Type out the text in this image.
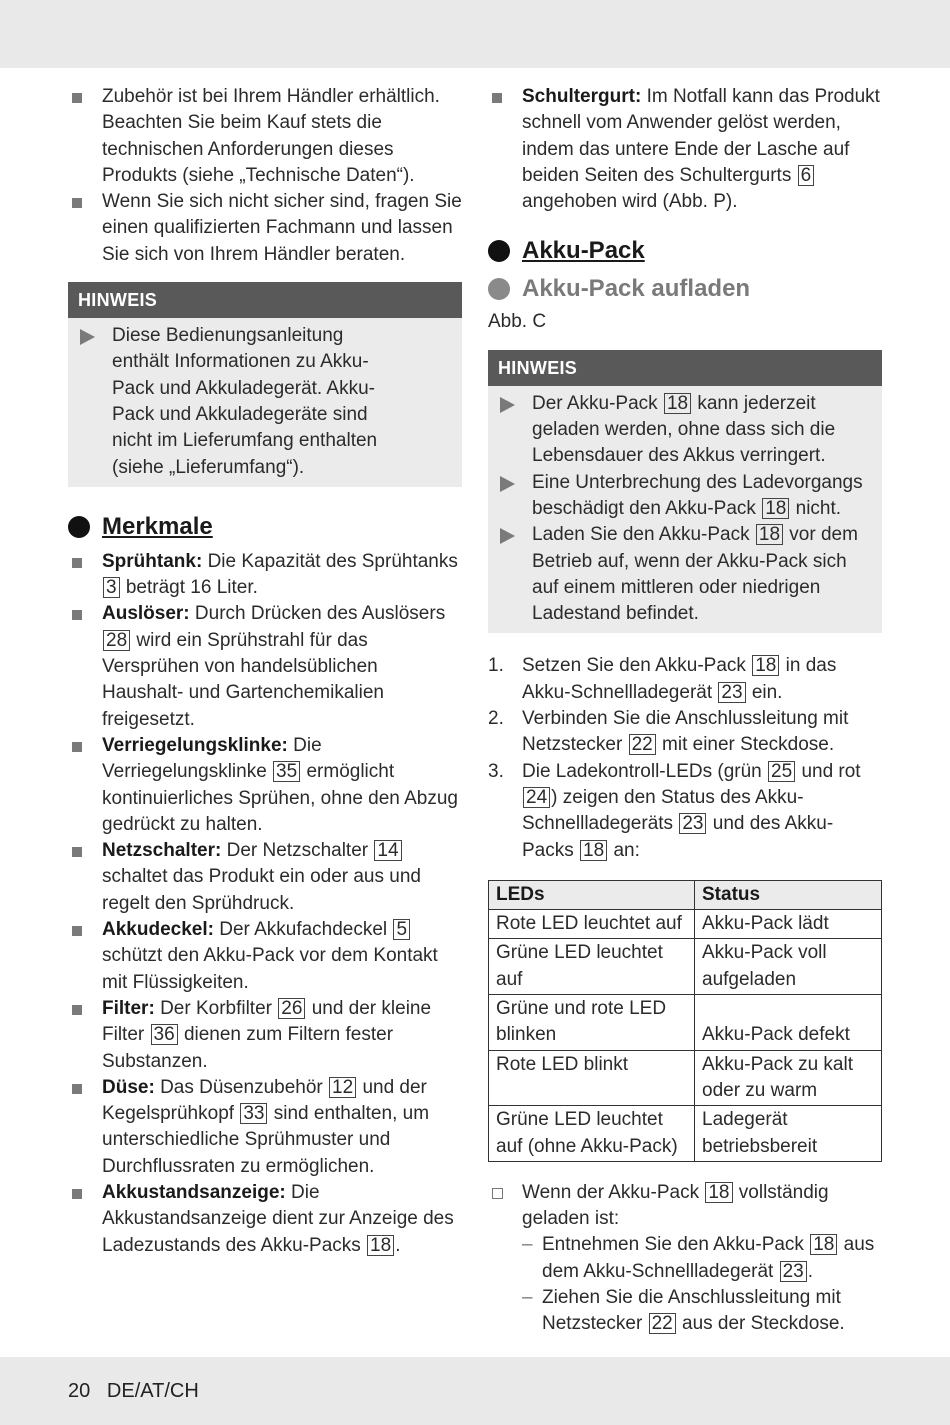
Zubehör ist bei Ihrem Händler erhältlich. Beachten Sie beim Kauf stets die technischen Anforderungen dieses Produkts (siehe „Technische Daten“).

Wenn Sie sich nicht sicher sind, fragen Sie einen qualifizierten Fachmann und lassen Sie sich von Ihrem Händler beraten.

HINWEIS
Diese Bedienungsanleitung enthält Informationen zu Akku-Pack und Akkuladegerät. Akku-Pack und Akkuladegeräte sind nicht im Lieferumfang enthalten (siehe „Lieferumfang“).
Merkmale

Sprühtank: Die Kapazität des Sprühtanks 3 beträgt 16 Liter.

Auslöser: Durch Drücken des Auslösers 28 wird ein Sprühstrahl für das Versprühen von handelsüblichen Haushalt- und Gartenchemikalien freigesetzt.

Verriegelungsklinke: Die Verriegelungsklinke 35 ermöglicht kontinuierliches Sprühen, ohne den Abzug gedrückt zu halten.

Netzschalter: Der Netzschalter 14 schaltet das Produkt ein oder aus und regelt den Sprühdruck.

Akkudeckel: Der Akkufachdeckel 5 schützt den Akku-Pack vor dem Kontakt mit Flüssigkeiten.

Filter: Der Korbfilter 26 und der kleine Filter 36 dienen zum Filtern fester Substanzen.

Düse: Das Düsenzubehör 12 und der Kegelsprühkopf 33 sind enthalten, um unterschiedliche Sprühmuster und Durchflussraten zu ermöglichen.

Akkustandsanzeige: Die Akkustandsanzeige dient zur Anzeige des Ladezustands des Akku-Packs 18 .

Schultergurt: Im Notfall kann das Produkt schnell vom Anwender gelöst werden, indem das untere Ende der Lasche auf beiden Seiten des Schultergurts 6 angehoben wird (Abb. P).

Akku-Pack
Akku-Pack aufladen

Abb. C

HINWEIS
Der Akku-Pack 18 kann jederzeit geladen werden, ohne dass sich die Lebensdauer des Akkus verringert.
Eine Unterbrechung des Ladevorgangs beschädigt den Akku-Pack 18 nicht.
Laden Sie den Akku-Pack 18 vor dem Betrieb auf, wenn der Akku-Pack sich auf einem mittleren oder niedrigen Ladestand befindet.

1. Setzen Sie den Akku-Pack 18 in das Akku-Schnellladegerät 23 ein.

2. Verbinden Sie die Anschlussleitung mit Netzstecker 22 mit einer Steckdose.

3. Die Ladekontroll-LEDs (grün 25 und rot 24 ) zeigen den Status des Akku-Schnellladegeräts 23 und des Akku-Packs 18 an:

LEDs	Status
Rote LED leuchtet auf	Akku-Pack lädt
Grüne LED leuchtet auf	Akku-Pack voll aufgeladen
Grüne und rote LED blinken	Akku-Pack defekt
Rote LED blinkt	Akku-Pack zu kalt oder zu warm
Grüne LED leuchtet auf (ohne Akku-Pack)	Ladegerät betriebsbereit

Wenn der Akku-Pack 18 vollständig geladen ist:

– Entnehmen Sie den Akku-Pack 18 aus dem Akku-Schnellladegerät 23 .

– Ziehen Sie die Anschlussleitung mit Netzstecker 22 aus der Steckdose.

20 DE/AT/CH
